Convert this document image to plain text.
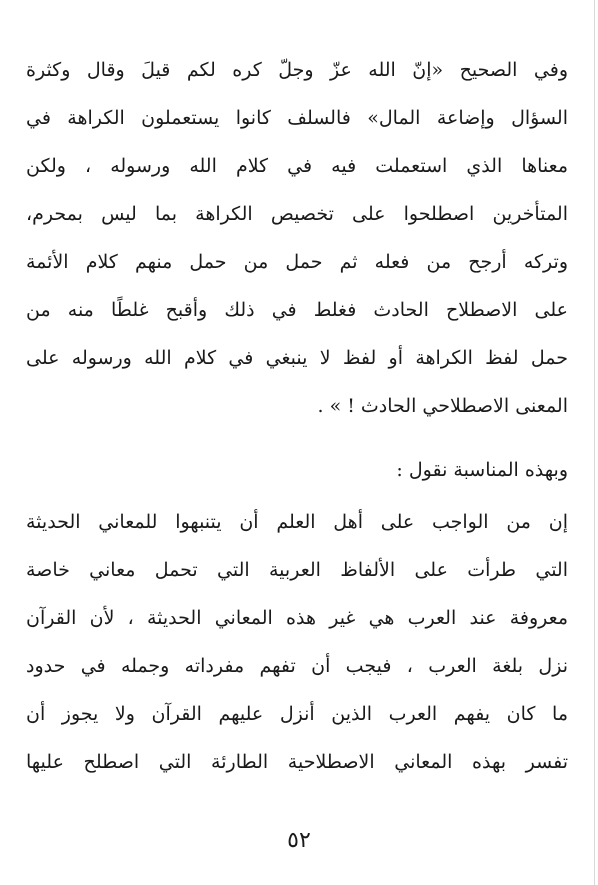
وفي الصحيح «إنّ الله عزّ وجلّ كره لكم قيلَ وقال وكثرة
السؤال وإضاعة المال» فالسلف كانوا يستعملون الكراهة في
معناها الذي استعملت فيه في كلام الله ورسوله ، ولكن
المتأخرين اصطلحوا على تخصيص الكراهة بما ليس بمحرم،
وتركه أرجح من فعله ثم حمل من حمل منهم كلام الأئمة
على الاصطلاح الحادث فغلط في ذلك وأقبح غلطًا منه من
حمل لفظ الكراهة أو لفظ لا ينبغي في كلام الله ورسوله على
المعنى الاصطلاحي الحادث ! » .
وبهذه المناسبة نقول :
إن من الواجب على أهل العلم أن يتنبهوا للمعاني الحديثة
التي طرأت على الألفاظ العربية التي تحمل معاني خاصة
معروفة عند العرب هي غير هذه المعاني الحديثة ، لأن القرآن
نزل بلغة العرب ، فيجب أن تفهم مفرداته وجمله في حدود
ما كان يفهم العرب الذين أنزل عليهم القرآن ولا يجوز أن
تفسر بهذه المعاني الاصطلاحية الطارئة التي اصطلح عليها
٥٢
